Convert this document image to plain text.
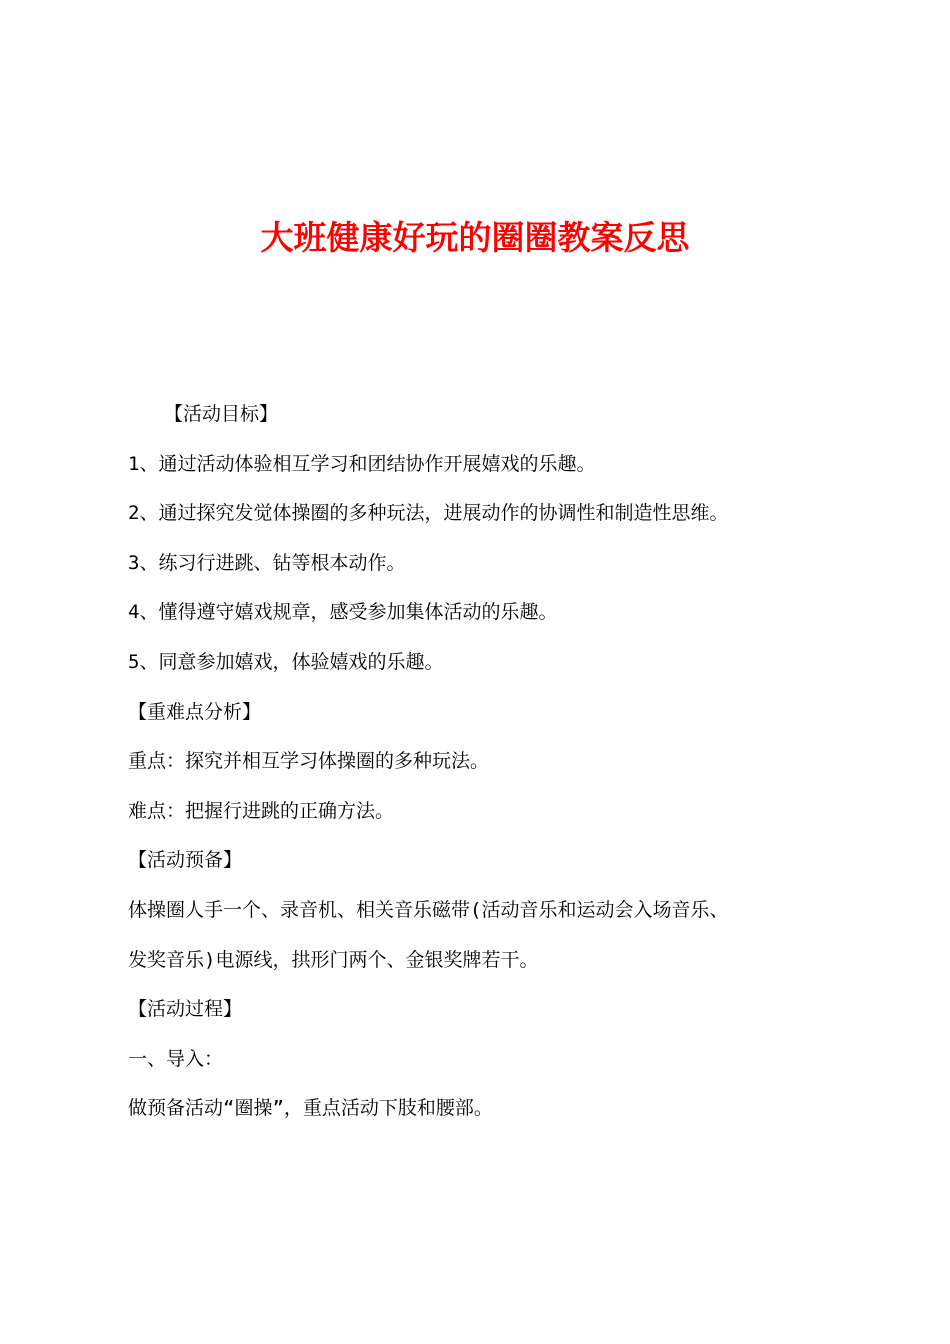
大班健康好玩的圈圈教案反思
【活动目标】
1、通过活动体验相互学习和团结协作开展嬉戏的乐趣。
2、通过探究发觉体操圈的多种玩法，进展动作的协调性和制造性思维。
3、练习行进跳、钻等根本动作。
4、懂得遵守嬉戏规章，感受参加集体活动的乐趣。
5、同意参加嬉戏，体验嬉戏的乐趣。
【重难点分析】
重点：探究并相互学习体操圈的多种玩法。
难点：把握行进跳的正确方法。
【活动预备】
体操圈人手一个、录音机、相关音乐磁带(活动音乐和运动会入场音乐、
发奖音乐)电源线，拱形门两个、金银奖牌若干。
【活动过程】
一、导入：
做预备活动“圈操”，重点活动下肢和腰部。
